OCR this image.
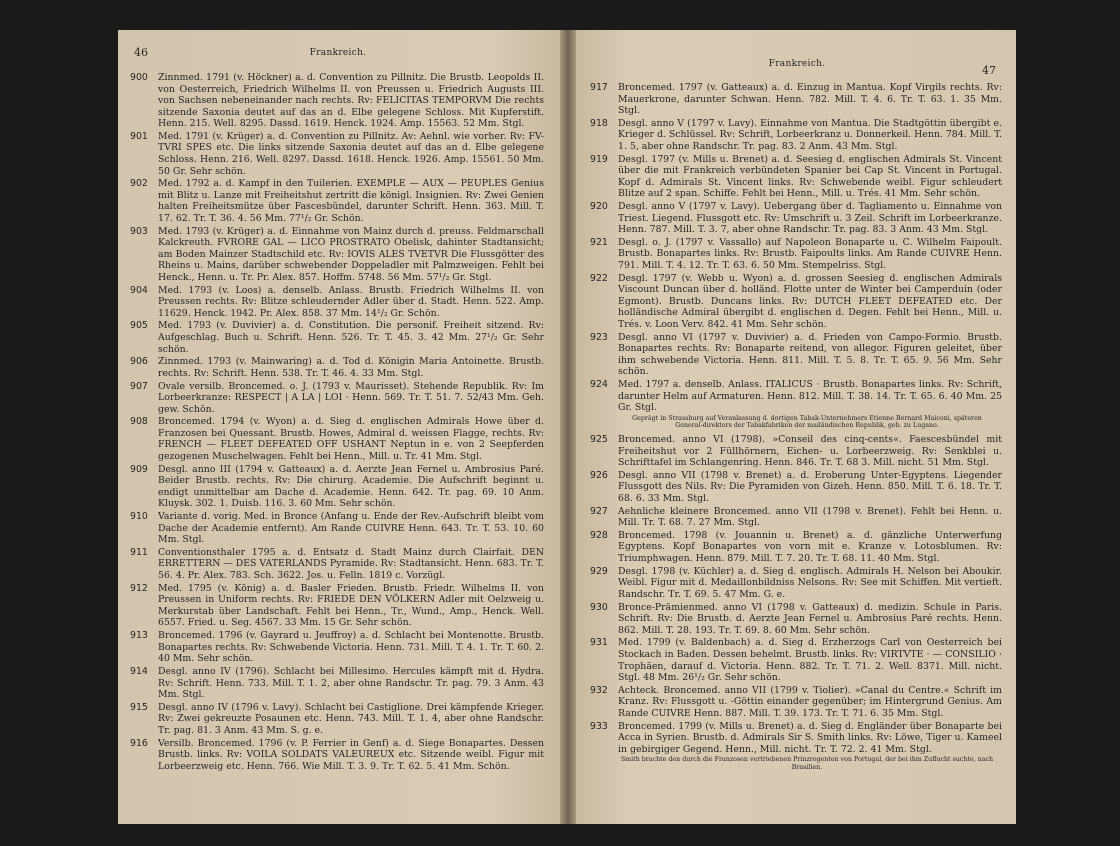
46	Frankreich.

900 Zinnmed. 1791 (v. Höckner) a. d. Convention zu Pillnitz. Die Brustb. Leopolds II. von Oesterreich, Friedrich Wilhelms II. von Preussen u. Friedrich Augusts III. von Sachsen nebeneinander nach rechts. Rv: FELICITAS TEMPORVM Die rechts sitzende Saxonia deutet auf das an d. Elbe gelegene Schloss. Mit Kupferstift. Henn. 215. Well. 8295. Dassd. 1619. Henck. 1924. Amp. 15563. 52 Mm. Stgl.

901 Med. 1791 (v. Krüger) a. d. Convention zu Pillnitz. Av: Aehnl. wie vorher. Rv: FV-TVRI SPES etc. Die links sitzende Saxonia deutet auf das an d. Elbe gelegene Schloss. Henn. 216. Well. 8297. Dassd. 1618. Henck. 1926. Amp. 15561. 50 Mm. 50 Gr. Sehr schön.

902 Med. 1792 a. d. Kampf in den Tuilerien. EXEMPLE — AUX — PEUPLES Genius mit Blitz u. Lanze mit Freiheitshut zertritt die königl. Insignien. Rv: Zwei Genien halten Freiheitsmütze über Fascesbündel, darunter Schrift. Henn. 363. Mill. T. 17. 62. Tr. T. 36. 4. 56 Mm. 77¹/₂ Gr. Schön.

903 Med. 1793 (v. Krüger) a. d. Einnahme von Mainz durch d. preuss. Feldmarschall Kalckreuth. FVRORE GAL — LICO PROSTRATO Obelisk, dahinter Stadtansicht; am Boden Mainzer Stadtschild etc. Rv: IOVIS ALES TVETVR Die Flussgötter des Rheins u. Mains, darüber schwebender Doppeladler mit Palmzweigen. Fehlt bei Henck., Henn. u. Tr. Pr. Alex. 857. Hoffm. 5748. 56 Mm. 57¹/₂ Gr. Stgl.

904 Med. 1793 (v. Loos) a. denselb. Anlass. Brustb. Friedrich Wilhelms II. von Preussen rechts. Rv: Blitze schleudernder Adler über d. Stadt. Henn. 522. Amp. 11629. Henck. 1942. Pr. Alex. 858. 37 Mm. 14¹/₂ Gr. Schön.

905 Med. 1793 (v. Duvivier) a. d. Constitution. Die personif. Freiheit sitzend. Rv: Aufgeschlag. Buch u. Schrift. Henn. 526. Tr. T. 45. 3. 42 Mm. 27¹/₂ Gr. Sehr schön.

906 Zinnmed. 1793 (v. Mainwaring) a. d. Tod d. Königin Maria Antoinette. Brustb. rechts. Rv: Schrift. Henn. 538. Tr. T. 46. 4. 33 Mm. Stgl.

907 Ovale versilb. Broncemed. o. J. (1793 v. Maurisset). Stehende Republik. Rv: Im Lorbeerkranze: RESPECT | A LA | LOI · Henn. 569. Tr. T. 51. 7. 52/43 Mm. Geh. gew. Schön.

908 Broncemed. 1794 (v. Wyon) a. d. Sieg d. englischen Admirals Howe über d. Franzosen bei Quessant. Brustb. Howes, Admiral d. weissen Flagge, rechts. Rv: FRENCH — FLEET DEFEATED OFF USHANT Neptun in e. von 2 Seepferden gezogenen Muschelwagen. Fehlt bei Henn., Mill. u. Tr. 41 Mm. Stgl.

909 Desgl. anno III (1794 v. Gatteaux) a. d. Aerzte Jean Fernel u. Ambrosius Paré. Beider Brustb. rechts. Rv: Die chirurg. Academie. Die Aufschrift beginnt u. endigt unmittelbar am Dache d. Academie. Henn. 642. Tr. pag. 69. 10 Anm. Kluysk. 302. 1. Duisb. 116. 3. 60 Mm. Sehr schön.

910 Variante d. vorig. Med. in Bronce (Anfang u. Ende der Rev.-Aufschrift bleibt vom Dache der Academie entfernt). Am Rande CUIVRE Henn. 643. Tr. T. 53. 10. 60 Mm. Stgl.

911 Conventionsthaler 1795 a. d. Entsatz d. Stadt Mainz durch Clairfait. DEN ERRETTERN — DES VATERLANDS Pyramide. Rv: Stadtansicht. Henn. 683. Tr. T. 56. 4. Pr. Alex. 783. Sch. 3622. Jos. u. Felln. 1819 c. Vorzügl.

912 Med. 1795 (v. König) a. d. Basler Frieden. Brustb. Friedr. Wilhelms II. von Preussen in Uniform rechts. Rv: FRIEDE DEN VÖLKERN Adler mit Oelzweig u. Merkurstab über Landschaft. Fehlt bei Henn., Tr., Wund., Amp., Henck. Well. 6557. Fried. u. Seg. 4567. 33 Mm. 15 Gr. Sehr schön.

913 Broncemed. 1796 (v. Gayrard u. Jeuffroy) a. d. Schlacht bei Montenotte. Brustb. Bonapartes rechts. Rv: Schwebende Victoria. Henn. 731. Mill. T. 4. 1. Tr. T. 60. 2. 40 Mm. Sehr schön.

914 Desgl. anno IV (1796). Schlacht bei Millesimo. Hercules kämpft mit d. Hydra. Rv: Schrift. Henn. 733. Mill. T. 1. 2, aber ohne Randschr. Tr. pag. 79. 3 Anm. 43 Mm. Stgl.

915 Desgl. anno IV (1796 v. Lavy). Schlacht bei Castiglione. Drei kämpfende Krieger. Rv: Zwei gekreuzte Posaunen etc. Henn. 743. Mill. T. 1. 4, aber ohne Randschr. Tr. pag. 81. 3 Anm. 43 Mm. S. g. e.

916 Versilb. Broncemed. 1796 (v. P. Ferrier in Genf) a. d. Siege Bonapartes. Dessen Brustb. links. Rv: VOILA SOLDATS VALEUREUX etc. Sitzende weibl. Figur mit Lorbeerzweig etc. Henn. 766. Wie Mill. T. 3. 9. Tr. T. 62. 5. 41 Mm. Schön.

Frankreich.	47

917 Broncemed. 1797 (v. Gatteaux) a. d. Einzug in Mantua. Kopf Virgils rechts. Rv: Mauerkrone, darunter Schwan. Henn. 782. Mill. T. 4. 6. Tr. T. 63. 1. 35 Mm. Stgl.

918 Desgl. anno V (1797 v. Lavy). Einnahme von Mantua. Die Stadtgöttin übergibt e. Krieger d. Schlüssel. Rv: Schrift, Lorbeerkranz u. Donnerkeil. Henn. 784. Mill. T. 1. 5, aber ohne Randschr. Tr. pag. 83. 2 Anm. 43 Mm. Stgl.

919 Desgl. 1797 (v. Mills u. Brenet) a. d. Seesieg d. englischen Admirals St. Vincent über die mit Frankreich verbündeten Spanier bei Cap St. Vincent in Portugal. Kopf d. Admirals St. Vincent links. Rv: Schwebende weibl. Figur schleudert Blitze auf 2 span. Schiffe. Fehlt bei Henn., Mill. u. Trés. 41 Mm. Sehr schön.

920 Desgl. anno V (1797 v. Lavy). Uebergang über d. Tagliamento u. Einnahme von Triest. Liegend. Flussgott etc. Rv: Umschrift u. 3 Zeil. Schrift im Lorbeerkranze. Henn. 787. Mill. T. 3. 7, aber ohne Randschr. Tr. pag. 83. 3 Anm. 43 Mm. Stgl.

921 Desgl. o. J. (1797 v. Vassallo) auf Napoleon Bonaparte u. C. Wilhelm Faipoult. Brustb. Bonapartes links. Rv: Brustb. Faipoults links. Am Rande CUIVRE Henn. 791. Mill. T. 4. 12. Tr. T. 63. 6. 50 Mm. Stempelriss. Stgl.

922 Desgl. 1797 (v. Webb u. Wyon) a. d. grossen Seesieg d. englischen Admirals Viscount Duncan über d. holländ. Flotte unter de Winter bei Camperduin (oder Egmont). Brustb. Duncans links. Rv: DUTCH FLEET DEFEATED etc. Der holländische Admiral übergibt d. englischen d. Degen. Fehlt bei Henn., Mill. u. Trés. v. Loon Verv. 842. 41 Mm. Sehr schön.

923 Desgl. anno VI (1797 v. Duvivier) a. d. Frieden von Campo-Formio. Brustb. Bonapartes rechts. Rv: Bonaparte reitend, von allegor. Figuren geleitet, über ihm schwebende Victoria. Henn. 811. Mill. T. 5. 8. Tr. T. 65. 9. 56 Mm. Sehr schön.

924 Med. 1797 a. denselb. Anlass. ITALICUS · Brustb. Bonapartes links. Rv: Schrift, darunter Helm auf Armaturen. Henn. 812. Mill. T. 38. 14. Tr. T. 65. 6. 40 Mm. 25 Gr. Stgl.

Geprägt in Strassburg auf Veranlassung d. dortigen Tabak-Unternehmers Etienne Bernard Maiconi, späteren General-direktors der Tabakfabriken der mailändischen Republik, geb. zu Lugano.

925 Broncemed. anno VI (1798). »Conseil des cinq-cents«. Faescesbündel mit Freiheitshut vor 2 Füllhörnern, Eichen- u. Lorbeerzweig. Rv: Senkblei u. Schrifttafel im Schlangenring. Henn. 846. Tr. T. 68 3. Mill. nicht. 51 Mm. Stgl.

926 Desgl. anno VII (1798 v. Brenet) a. d. Eroberung Unter-Egyptens. Liegender Flussgott des Nils. Rv: Die Pyramiden von Gizeh. Henn. 850. Mill. T. 6. 18. Tr. T. 68. 6. 33 Mm. Stgl.

927 Aehnliche kleinere Broncemed. anno VII (1798 v. Brenet). Fehlt bei Henn. u. Mill. Tr. T. 68. 7. 27 Mm. Stgl.

928 Broncemed. 1798 (v. Jouannin u. Brenet) a. d. gänzliche Unterwerfung Egyptens. Kopf Bonapartes von vorn mit e. Kranze v. Lotosblumen. Rv: Triumphwagen. Henn. 879. Mill. T. 7. 20. Tr. T. 68. 11. 40 Mm. Stgl.

929 Desgl. 1798 (v. Küchler) a. d. Sieg d. englisch. Admirals H. Nelson bei Aboukir. Weibl. Figur mit d. Medaillonbildniss Nelsons. Rv: See mit Schiffen. Mit vertieft. Randschr. Tr. T. 69. 5. 47 Mm. G. e.

930 Bronce-Prämienmed. anno VI (1798 v. Gatteaux) d. medizin. Schule in Paris. Schrift. Rv: Die Brustb. d. Aerzte Jean Fernel u. Ambrosius Paré rechts. Henn. 862. Mill. T. 28. 193. Tr. T. 69. 8. 60 Mm. Sehr schön.

931 Med. 1799 (v. Baldenbach) a. d. Sieg d. Erzherzogs Carl von Oesterreich bei Stockach in Baden. Dessen behelmt. Brustb. links. Rv: VIRTVTE · — CONSILIO · Trophäen, darauf d. Victoria. Henn. 882. Tr. T. 71. 2. Well. 8371. Mill. nicht. Stgl. 48 Mm. 26¹/₂ Gr. Sehr schön.

932 Achteck. Broncemed. anno VII (1799 v. Tiolier). »Canal du Centre.« Schrift im Kranz. Rv: Flussgott u. -Göttin einander gegenüber; im Hintergrund Genius. Am Rande CUIVRE Henn. 887. Mill. T. 39. 173. Tr. T. 71. 6. 35 Mm. Stgl.

933 Broncemed. 1799 (v. Mills u. Brenet) a. d. Sieg d. Engländer über Bonaparte bei Acca in Syrien. Brustb. d. Admirals Sir S. Smith links. Rv: Löwe, Tiger u. Kameel in gebirgiger Gegend. Henn., Mill. nicht. Tr. T. 72. 2. 41 Mm. Stgl.

Smith brachte den durch die Franzosen vertriebenen Prinzregenten von Portugal, der bei ihm Zuflucht suchte, nach Brasilien.
